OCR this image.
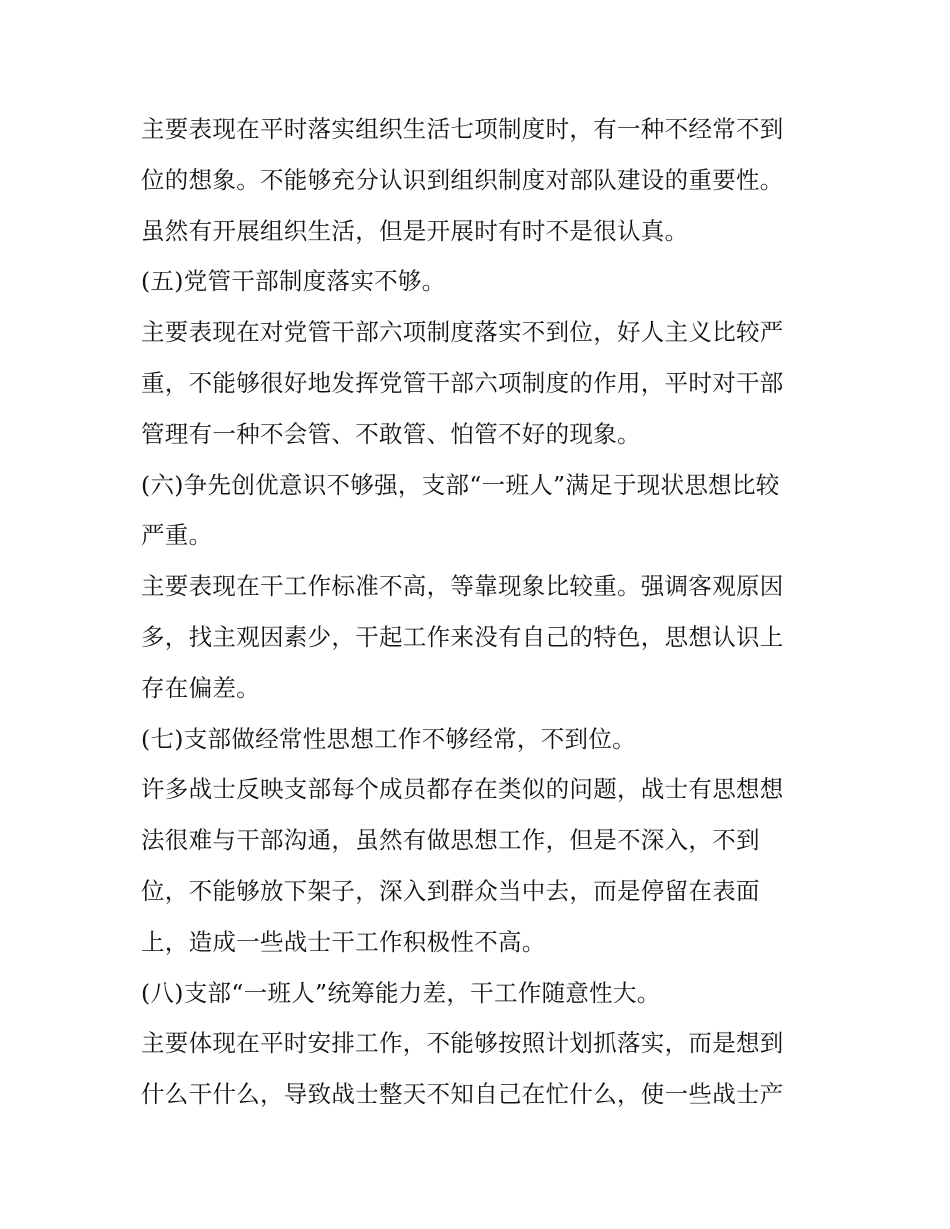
主要表现在平时落实组织生活七项制度时，有一种不经常不到
位的想象。不能够充分认识到组织制度对部队建设的重要性。
虽然有开展组织生活，但是开展时有时不是很认真。
(五)党管干部制度落实不够。
主要表现在对党管干部六项制度落实不到位，好人主义比较严
重，不能够很好地发挥党管干部六项制度的作用，平时对干部
管理有一种不会管、不敢管、怕管不好的现象。
(六)争先创优意识不够强，支部“一班人”满足于现状思想比较
严重。
主要表现在干工作标准不高，等靠现象比较重。强调客观原因
多，找主观因素少，干起工作来没有自己的特色，思想认识上
存在偏差。
(七)支部做经常性思想工作不够经常，不到位。
许多战士反映支部每个成员都存在类似的问题，战士有思想想
法很难与干部沟通，虽然有做思想工作，但是不深入，不到
位，不能够放下架子，深入到群众当中去，而是停留在表面
上，造成一些战士干工作积极性不高。
(八)支部“一班人”统筹能力差，干工作随意性大。
主要体现在平时安排工作，不能够按照计划抓落实，而是想到
什么干什么，导致战士整天不知自己在忙什么，使一些战士产
